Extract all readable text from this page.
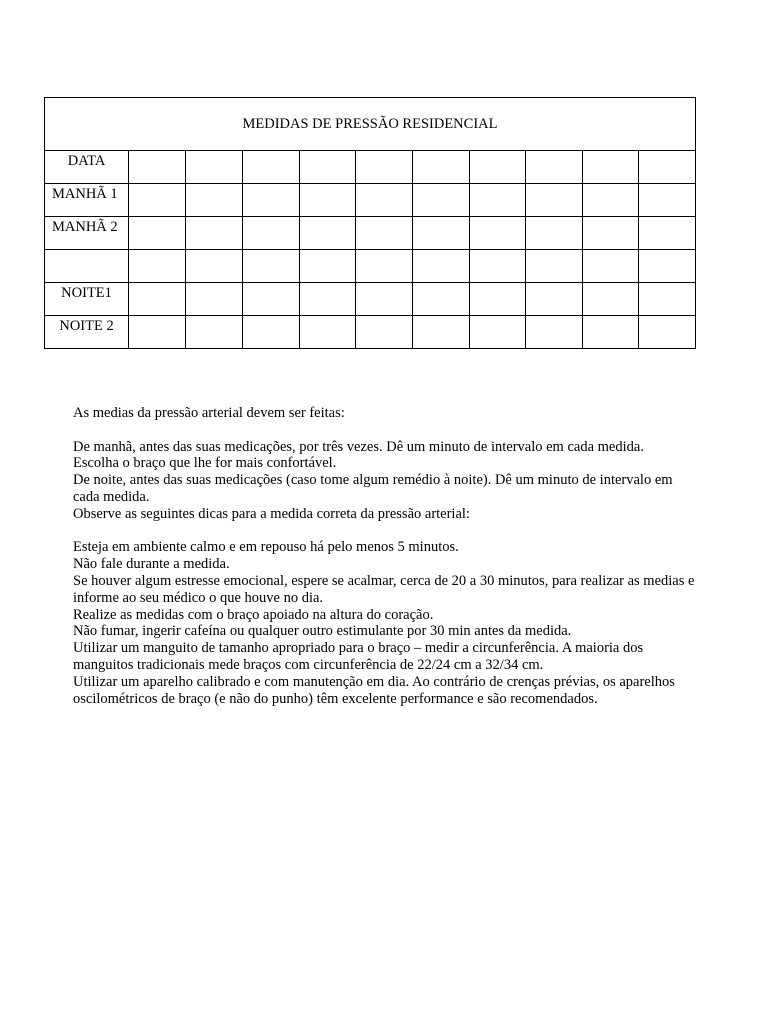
MEDIDAS DE PRESSÃO RESIDENCIAL										
DATA										
MANHÃ 1										
MANHÃ 2										

NOITE1										
NOITE 2										

As medias da pressão arterial devem ser feitas:

De manhã, antes das suas medicações, por três vezes. Dê um minuto de intervalo em cada medida.

Escolha o braço que lhe for mais confortável.

De noite, antes das suas medicações (caso tome algum remédio à noite). Dê um minuto de intervalo em cada medida.

Observe as seguintes dicas para a medida correta da pressão arterial:

Esteja em ambiente calmo e em repouso há pelo menos 5 minutos.

Não fale durante a medida.

Se houver algum estresse emocional, espere se acalmar, cerca de 20 a 30 minutos, para realizar as medias e informe ao seu médico o que houve no dia.

Realize as medidas com o braço apoiado na altura do coração.

Não fumar, ingerir cafeína ou qualquer outro estimulante por 30 min antes da medida.

Utilizar um manguito de tamanho apropriado para o braço – medir a circunferência. A maioria dos manguitos tradicionais mede braços com circunferência de 22/24 cm a 32/34 cm.

Utilizar um aparelho calibrado e com manutenção em dia. Ao contrário de crenças prévias, os aparelhos oscilométricos de braço (e não do punho) têm excelente performance e são recomendados.
